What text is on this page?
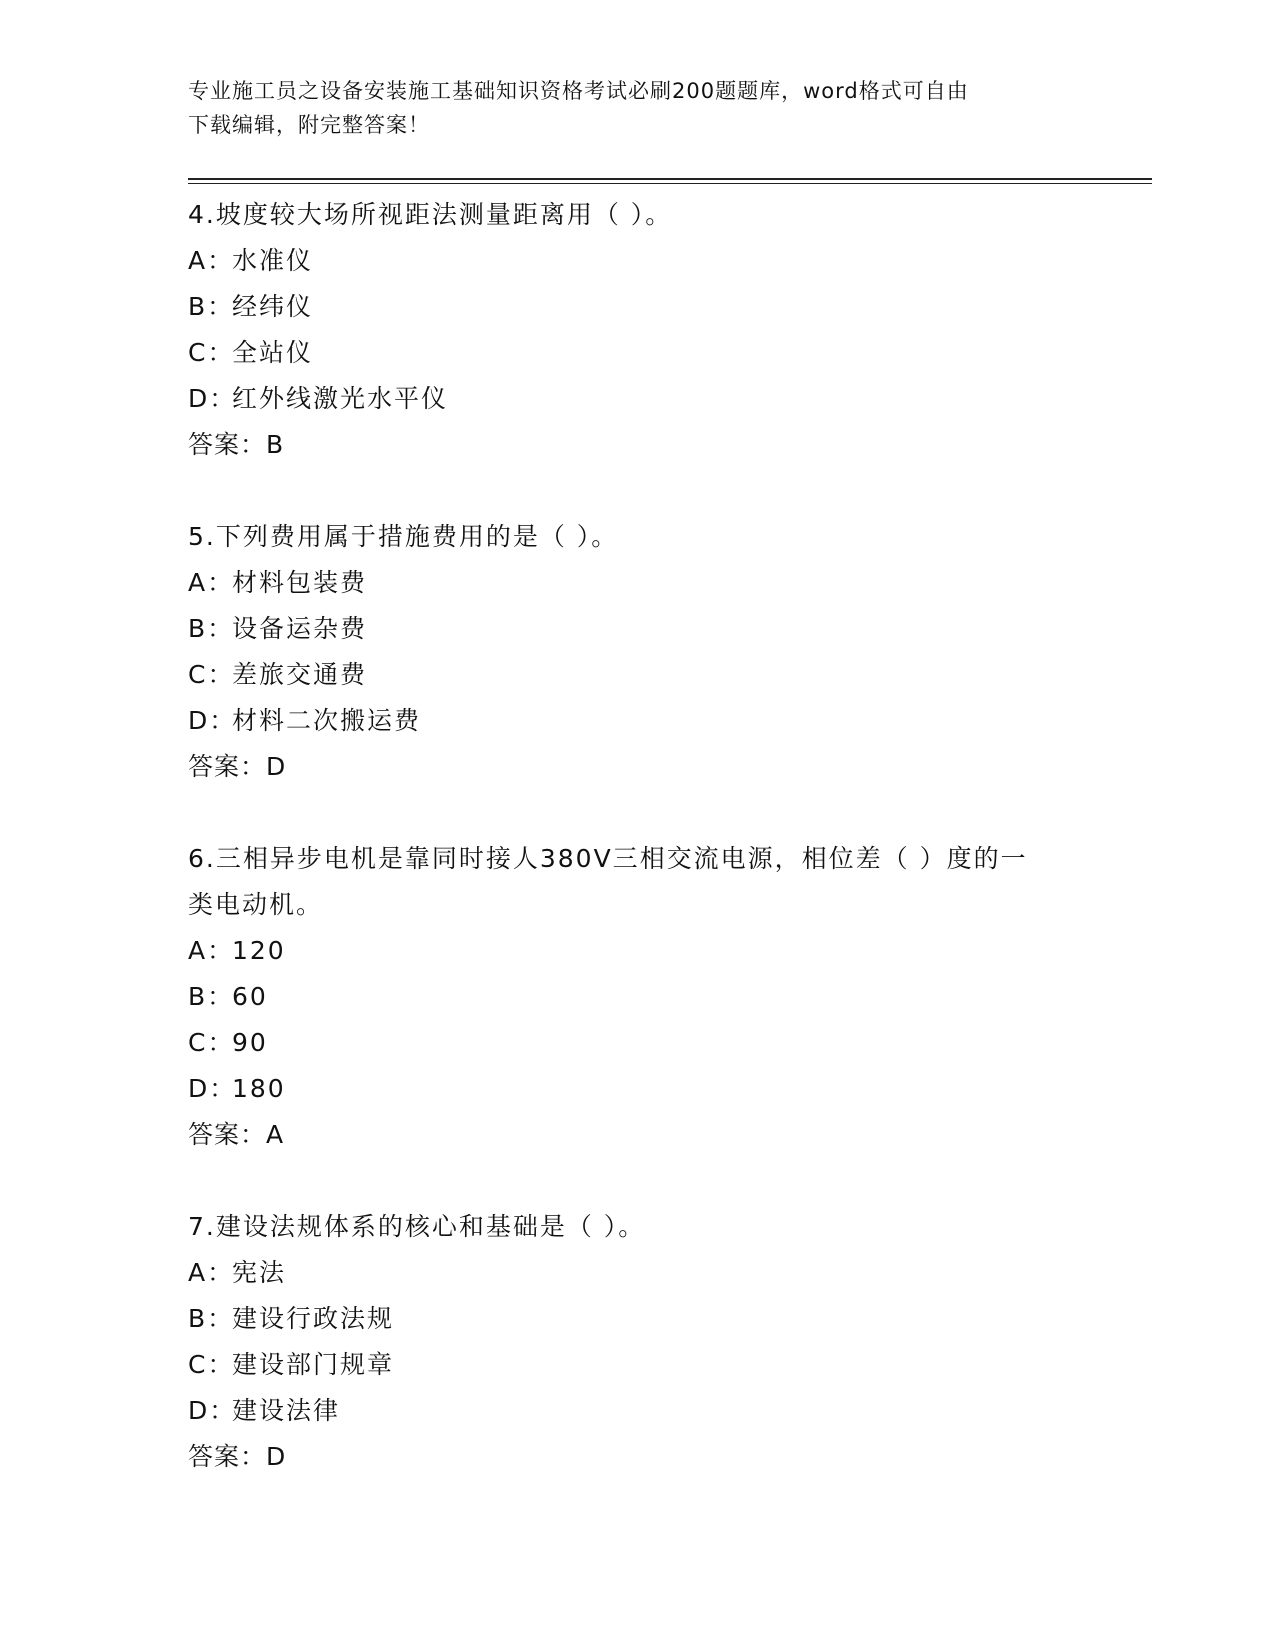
专业施工员之设备安装施工基础知识资格考试必刷200题题库，word格式可自由
下载编辑，附完整答案！
4.坡度较大场所视距法测量距离用（ ）。
A：水准仪
B：经纬仪
C：全站仪
D：红外线激光水平仪
答案：B
5.下列费用属于措施费用的是（ ）。
A：材料包装费
B：设备运杂费
C：差旅交通费
D：材料二次搬运费
答案：D
6.三相异步电机是靠同时接人380V三相交流电源，相位差（ ）度的一类电动机。
A：120
B：60
C：90
D：180
答案：A
7.建设法规体系的核心和基础是（ ）。
A：宪法
B：建设行政法规
C：建设部门规章
D：建设法律
答案：D
